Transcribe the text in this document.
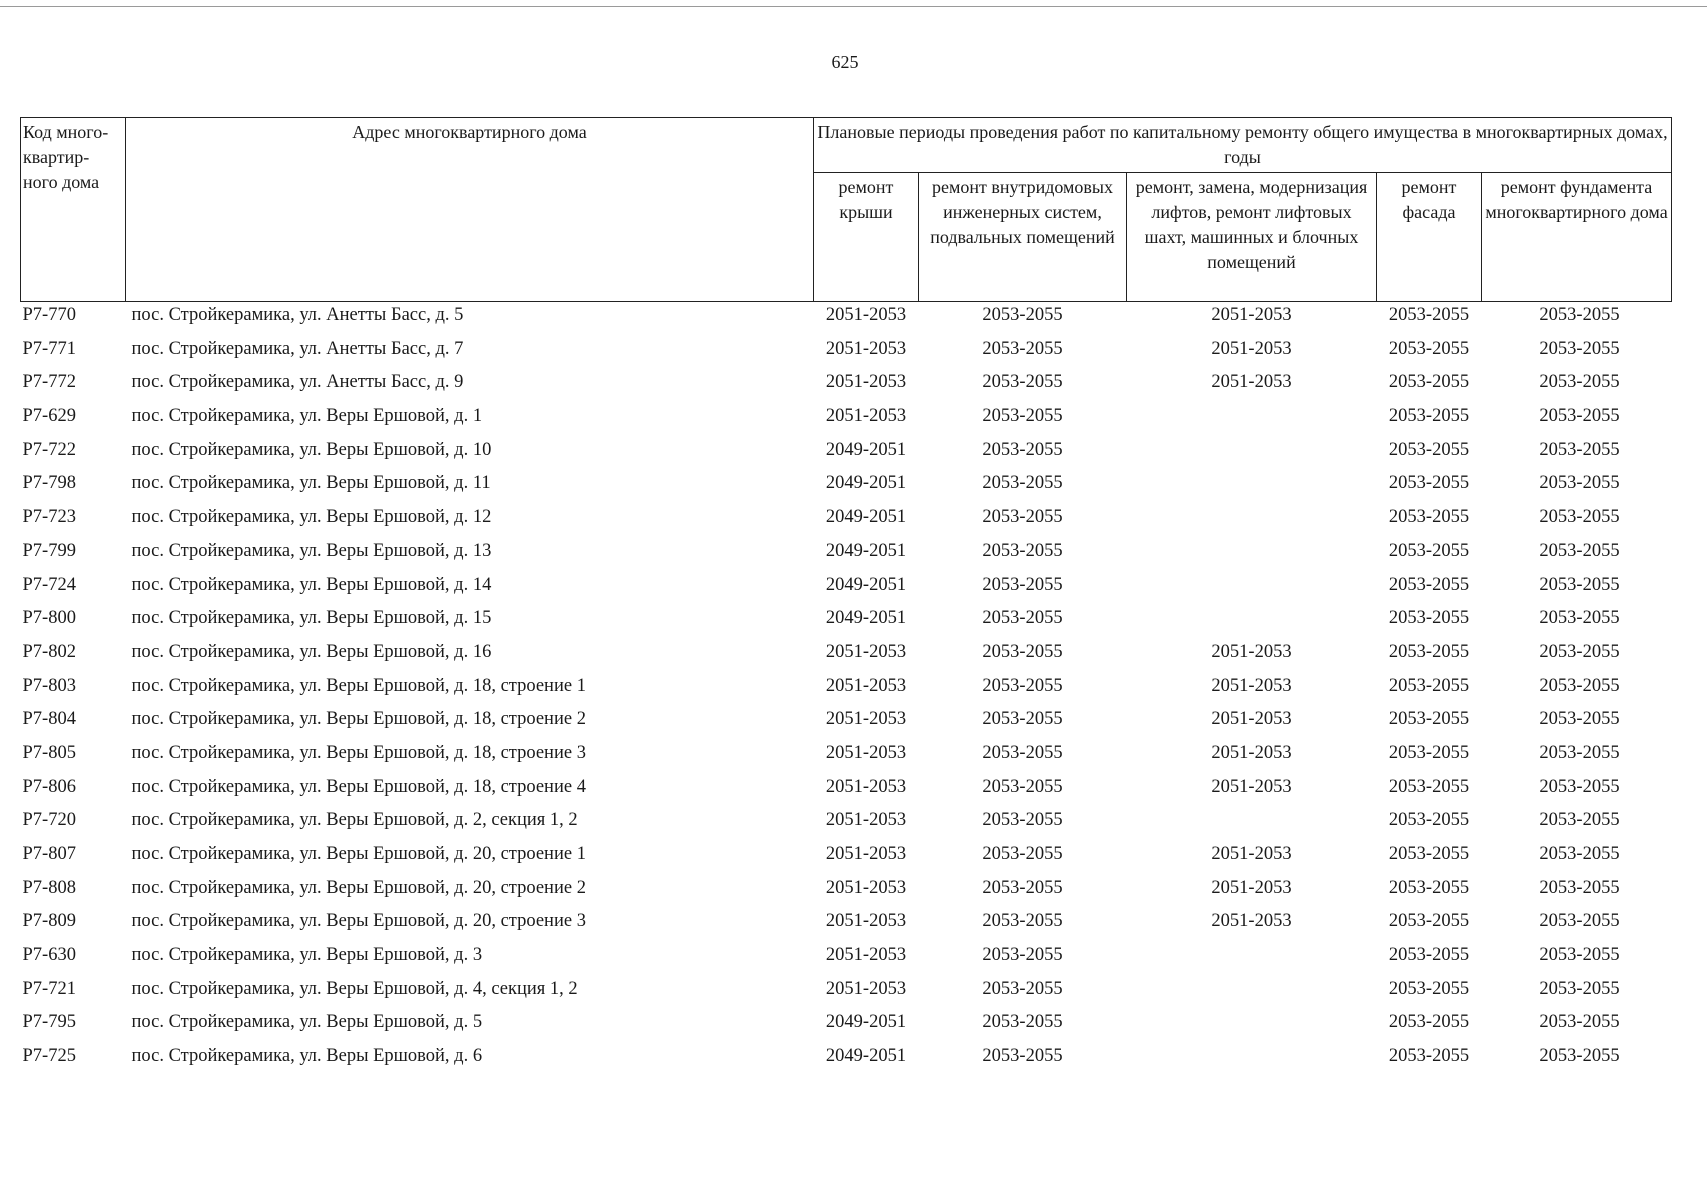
625
Код много-квартир-ного дома	Адрес многоквартирного дома	Плановые периоды проведения работ по капитальному ремонту общего имущества в многоквартирных домах, годы				
		ремонт крыши	ремонт внутридомовых инженерных систем, подвальных помещений	ремонт, замена, модернизация лифтов, ремонт лифтовых шахт, машинных и блочных помещений	ремонт фасада	ремонт фундамента многоквартирного дома
P7-770	пос. Стройкерамика, ул. Анетты Басс, д. 5	2051-2053	2053-2055	2051-2053	2053-2055	2053-2055
P7-771	пос. Стройкерамика, ул. Анетты Басс, д. 7	2051-2053	2053-2055	2051-2053	2053-2055	2053-2055
P7-772	пос. Стройкерамика, ул. Анетты Басс, д. 9	2051-2053	2053-2055	2051-2053	2053-2055	2053-2055
P7-629	пос. Стройкерамика, ул. Веры Ершовой, д. 1	2051-2053	2053-2055		2053-2055	2053-2055
P7-722	пос. Стройкерамика, ул. Веры Ершовой, д. 10	2049-2051	2053-2055		2053-2055	2053-2055
P7-798	пос. Стройкерамика, ул. Веры Ершовой, д. 11	2049-2051	2053-2055		2053-2055	2053-2055
P7-723	пос. Стройкерамика, ул. Веры Ершовой, д. 12	2049-2051	2053-2055		2053-2055	2053-2055
P7-799	пос. Стройкерамика, ул. Веры Ершовой, д. 13	2049-2051	2053-2055		2053-2055	2053-2055
P7-724	пос. Стройкерамика, ул. Веры Ершовой, д. 14	2049-2051	2053-2055		2053-2055	2053-2055
P7-800	пос. Стройкерамика, ул. Веры Ершовой, д. 15	2049-2051	2053-2055		2053-2055	2053-2055
P7-802	пос. Стройкерамика, ул. Веры Ершовой, д. 16	2051-2053	2053-2055	2051-2053	2053-2055	2053-2055
P7-803	пос. Стройкерамика, ул. Веры Ершовой, д. 18, строение 1	2051-2053	2053-2055	2051-2053	2053-2055	2053-2055
P7-804	пос. Стройкерамика, ул. Веры Ершовой, д. 18, строение 2	2051-2053	2053-2055	2051-2053	2053-2055	2053-2055
P7-805	пос. Стройкерамика, ул. Веры Ершовой, д. 18, строение 3	2051-2053	2053-2055	2051-2053	2053-2055	2053-2055
P7-806	пос. Стройкерамика, ул. Веры Ершовой, д. 18, строение 4	2051-2053	2053-2055	2051-2053	2053-2055	2053-2055
P7-720	пос. Стройкерамика, ул. Веры Ершовой, д. 2, секция 1, 2	2051-2053	2053-2055		2053-2055	2053-2055
P7-807	пос. Стройкерамика, ул. Веры Ершовой, д. 20, строение 1	2051-2053	2053-2055	2051-2053	2053-2055	2053-2055
P7-808	пос. Стройкерамика, ул. Веры Ершовой, д. 20, строение 2	2051-2053	2053-2055	2051-2053	2053-2055	2053-2055
P7-809	пос. Стройкерамика, ул. Веры Ершовой, д. 20, строение 3	2051-2053	2053-2055	2051-2053	2053-2055	2053-2055
P7-630	пос. Стройкерамика, ул. Веры Ершовой, д. 3	2051-2053	2053-2055		2053-2055	2053-2055
P7-721	пос. Стройкерамика, ул. Веры Ершовой, д. 4, секция 1, 2	2051-2053	2053-2055		2053-2055	2053-2055
P7-795	пос. Стройкерамика, ул. Веры Ершовой, д. 5	2049-2051	2053-2055		2053-2055	2053-2055
P7-725	пос. Стройкерамика, ул. Веры Ершовой, д. 6	2049-2051	2053-2055		2053-2055	2053-2055
